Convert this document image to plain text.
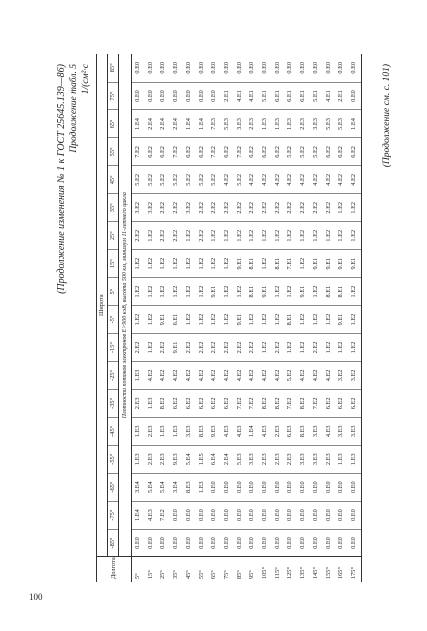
100
(Продолжение изменения № 1 к ГОСТ 25645.139—86) Продолжение табл. 5 1/(см²·с
Долгота	Широта																	
	-85°	-75°	-65°	-55°	-45°	-35°	-25°	-15°	-5°	5°	15°	25°	35°	45°	55°	65°	75°	85°
	Плотности потоков электронов Е>900 кэВ, высота 500 км, минимум 11-летнего цикла																	
5°	0.E0	1.E4	3.E4	1.E3	1.E3	2.E3	1.E3	2.E2	1.E2	1.E2	1.E2	2.E2	3.E2	5.E2	7.E2	1.E4	0.E0	0.E0
15°	0.E0	4.E3	5.E4	2.E3	2.E3	1.E3	4.E2	1.E2	1.E2	1.E2	1.E2	1.E2	3.E2	5.E2	6.E2	2.E4	0.E0	0.E0
25°	0.E0	7.E2	5.E4	2.E3	1.E3	8.E2	4.E2	2.E2	9.E1	1.E2	1.E2	2.E2	2.E2	5.E2	6.E2	2.E4	0.E0	0.E0
35°	0.E0	0.E0	3.E4	9.E3	1.E3	6.E2	4.E2	9.E1	6.E1	1.E2	1.E2	2.E2	2.E2	5.E2	7.E2	2.E4	0.E0	0.E0
45°	0.E0	0.E0	8.E3	5.E4	3.E3	6.E2	4.E2	2.E2	1.E2	1.E2	1.E2	1.E2	3.E2	5.E2	6.E2	1.E4	0.E0	0.E0
55°	0.E0	0.E0	1.E3	1.E5	8.E3	6.E2	4.E2	2.E2	1.E2	1.E2	1.E2	2.E2	2.E2	5.E2	6.E2	1.E4	0.E0	0.E0
65°	0.E0	0.E0	0.E0	6.E4	9.E3	6.E2	4.E2	2.E2	1.E2	9.E1	1.E2	1.E2	2.E2	5.E2	7.E2	7.E3	0.E0	0.E0
75°	0.E0	0.E0	0.E0	2.E4	4.E3	6.E2	4.E2	2.E2	1.E2	1.E2	1.E2	1.E2	2.E2	4.E2	6.E2	5.E3	2.E1	0.E0
85°	0.E0	0.E0	0.E0	5.E3	4.E3	7.E2	4.E2	2.E2	9.E1	1.E2	9.E1	1.E2	2.E2	5.E2	7.E2	3.E3	4.E1	0.E0
95°	0.E0	0.E0	0.E0	3.E3	1.E4	7.E2	4.E2	2.E2	1.E2	8.E1	8.E1	1.E2	2.E2	4.E2	6.E2	2.E3	4.E1	0.E0
105°	0.E0	0.E0	0.E0	2.E3	4.E3	8.E2	4.E2	1.E2	1.E2	9.E1	1.E2	1.E2	2.E2	4.E2	6.E2	1.E3	5.E1	0.E0
115°	0.E0	0.E0	0.E0	2.E3	2.E3	8.E2	4.E2	2.E2	1.E2	1.E2	8.E1	1.E2	2.E2	4.E2	6.E2	1.E3	6.E1	0.E0
125°	0.E0	0.E0	0.E0	2.E3	6.E3	7.E2	5.E2	1.E2	8.E1	1.E2	7.E1	1.E2	2.E2	4.E2	5.E2	1.E3	6.E1	0.E0
135°	0.E0	0.E0	0.E0	3.E3	8.E3	8.E2	4.E2	1.E2	1.E2	9.E1	1.E2	1.E2	2.E2	4.E2	5.E2	2.E3	6.E1	0.E0
145°	0.E0	0.E0	0.E0	3.E3	3.E3	7.E2	4.E2	2.E2	1.E2	1.E2	9.E1	1.E2	2.E2	4.E2	5.E2	3.E3	5.E1	0.E0
155°	0.E0	0.E0	0.E0	2.E3	4.E3	6.E2	4.E2	1.E2	1.E2	8.E1	9.E1	1.E2	2.E2	4.E2	6.E2	5.E3	4.E1	0.E0
165°	0.E0	0.E0	0.E0	1.E3	3.E3	6.E2	3.E2	1.E2	9.E1	8.E1	9.E1	1.E2	1.E2	4.E2	6.E2	5.E3	2.E1	0.E0
175°	0.E0	0.E0	0.E0	1.E3	3.E3	6.E2	3.E2	1.E2	1.E2	1.E2	9.E1	1.E2	1.E2	4.E2	6.E2	1.E4	0.E0	0.E0	(Продолжение см. с. 101)
